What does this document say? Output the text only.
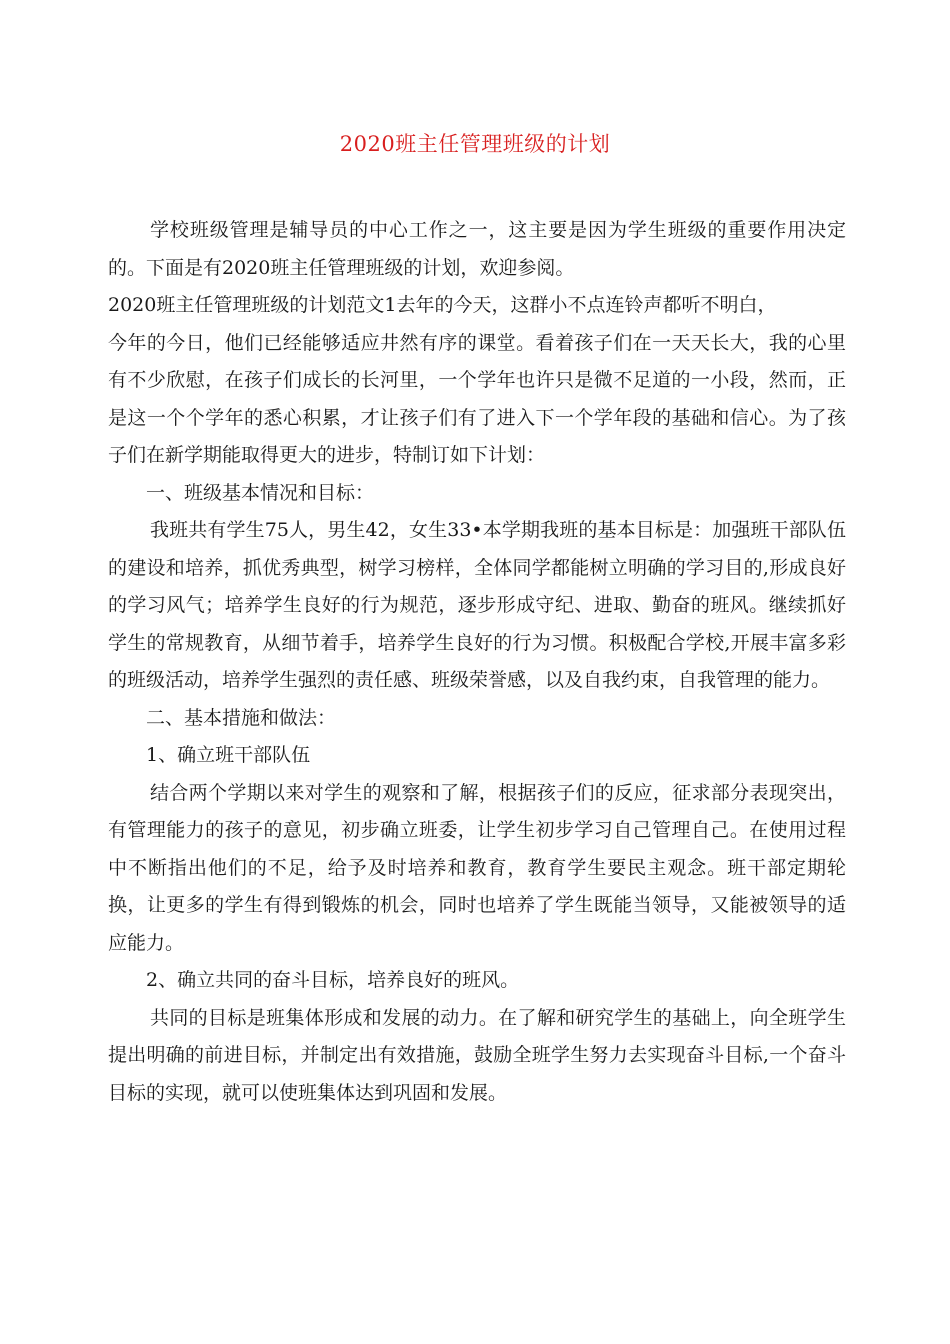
2020班主任管理班级的计划

学校班级管理是辅导员的中心工作之一，这主要是因为学生班级的重要作用决定的。下面是有2020班主任管理班级的计划，欢迎参阅。

2020班主任管理班级的计划范文1去年的今天，这群小不点连铃声都听不明白，

今年的今日，他们已经能够适应井然有序的课堂。看着孩子们在一天天长大，我的心里有不少欣慰，在孩子们成长的长河里，一个学年也许只是微不足道的一小段，然而，正是这一个个学年的悉心积累，才让孩子们有了进入下一个学年段的基础和信心。为了孩子们在新学期能取得更大的进步，特制订如下计划：

一、班级基本情况和目标：

我班共有学生75人，男生42，女生33•本学期我班的基本目标是：加强班干部队伍的建设和培养，抓优秀典型，树学习榜样，全体同学都能树立明确的学习目的,形成良好的学习风气；培养学生良好的行为规范，逐步形成守纪、进取、勤奋的班风。继续抓好学生的常规教育，从细节着手，培养学生良好的行为习惯。积极配合学校,开展丰富多彩的班级活动，培养学生强烈的责任感、班级荣誉感，以及自我约束，自我管理的能力。

二、基本措施和做法：

1、确立班干部队伍

结合两个学期以来对学生的观察和了解，根据孩子们的反应，征求部分表现突出，有管理能力的孩子的意见，初步确立班委，让学生初步学习自己管理自己。在使用过程中不断指出他们的不足，给予及时培养和教育，教育学生要民主观念。班干部定期轮换，让更多的学生有得到锻炼的机会，同时也培养了学生既能当领导，又能被领导的适应能力。

2、确立共同的奋斗目标，培养良好的班风。

共同的目标是班集体形成和发展的动力。在了解和研究学生的基础上，向全班学生提出明确的前进目标，并制定出有效措施，鼓励全班学生努力去实现奋斗目标,一个奋斗目标的实现，就可以使班集体达到巩固和发展。
